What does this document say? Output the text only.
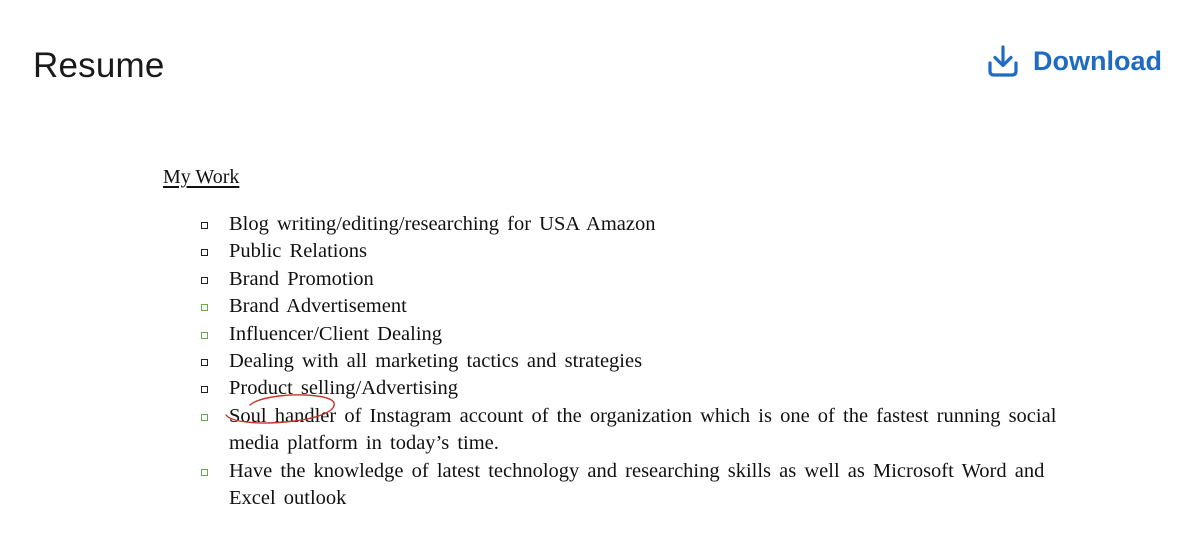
Resume	Download
My Work
Blog writing/editing/researching for USA Amazon
Public Relations
Brand Promotion
Brand Advertisement
Influencer/Client Dealing
Dealing with all marketing tactics and strategies
Product selling/Advertising
Soul handler of Instagram account of the organization which is one of the fastest running social media platform in today’s time.
Have the knowledge of latest technology and researching skills as well as Microsoft Word and Excel outlook
